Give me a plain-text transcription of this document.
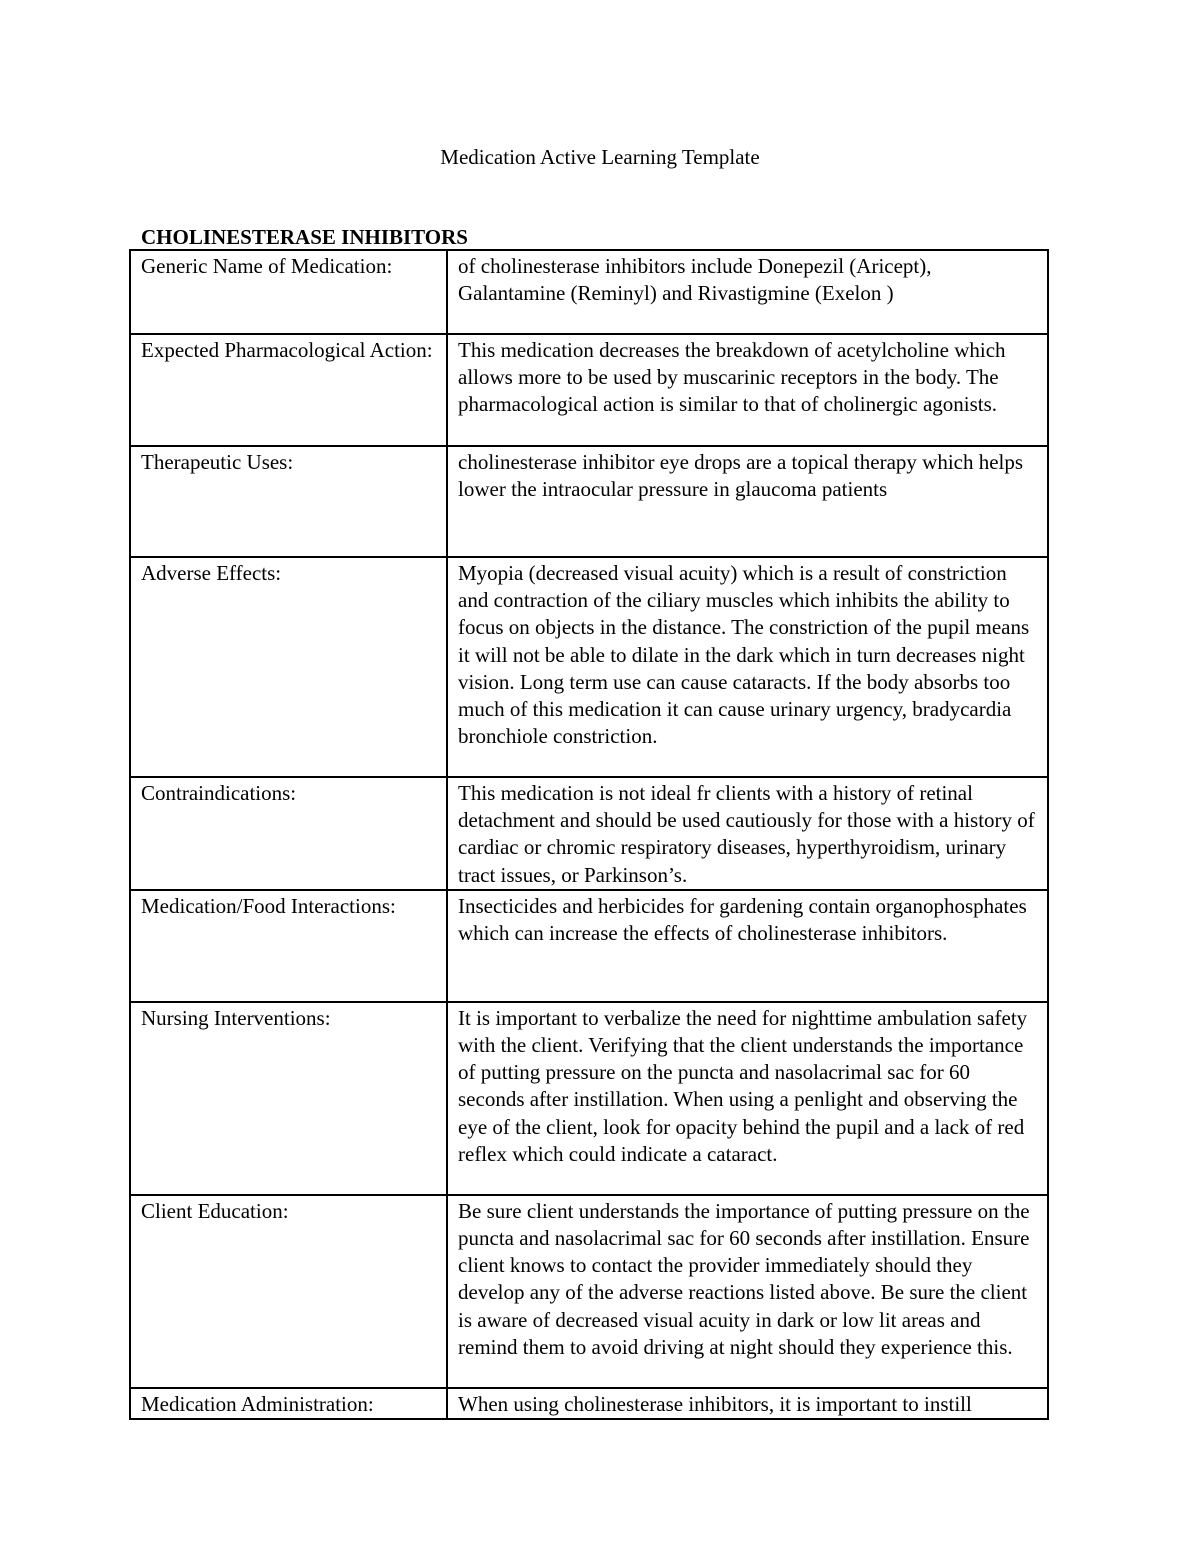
Medication Active Learning Template
CHOLINESTERASE INHIBITORS
Generic Name of Medication:	of cholinesterase inhibitors include Donepezil (Aricept), Galantamine (Reminyl) and Rivastigmine (Exelon )
Expected Pharmacological Action:	This medication decreases the breakdown of acetylcholine which allows more to be used by muscarinic receptors in the body. The pharmacological action is similar to that of cholinergic agonists.
Therapeutic Uses:	cholinesterase inhibitor eye drops are a topical therapy which helps lower the intraocular pressure in glaucoma patients
Adverse Effects:	Myopia (decreased visual acuity) which is a result of constriction and contraction of the ciliary muscles which inhibits the ability to focus on objects in the distance. The constriction of the pupil means it will not be able to dilate in the dark which in turn decreases night vision. Long term use can cause cataracts. If the body absorbs too much of this medication it can cause urinary urgency, bradycardia bronchiole constriction.
Contraindications:	This medication is not ideal fr clients with a history of retinal detachment and should be used cautiously for those with a history of cardiac or chromic respiratory diseases, hyperthyroidism, urinary tract issues, or Parkinson’s.
Medication/Food Interactions:	Insecticides and herbicides for gardening contain organophosphates which can increase the effects of cholinesterase inhibitors.
Nursing Interventions:	It is important to verbalize the need for nighttime ambulation safety with the client. Verifying that the client understands the importance of putting pressure on the puncta and nasolacrimal sac for 60 seconds after instillation. When using a penlight and observing the eye of the client, look for opacity behind the pupil and a lack of red reflex which could indicate a cataract.
Client Education:	Be sure client understands the importance of putting pressure on the puncta and nasolacrimal sac for 60 seconds after instillation. Ensure client knows to contact the provider immediately should they develop any of the adverse reactions listed above. Be sure the client is aware of decreased visual acuity in dark or low lit areas and remind them to avoid driving at night should they experience this.
Medication Administration:	When using cholinesterase inhibitors, it is important to instill
